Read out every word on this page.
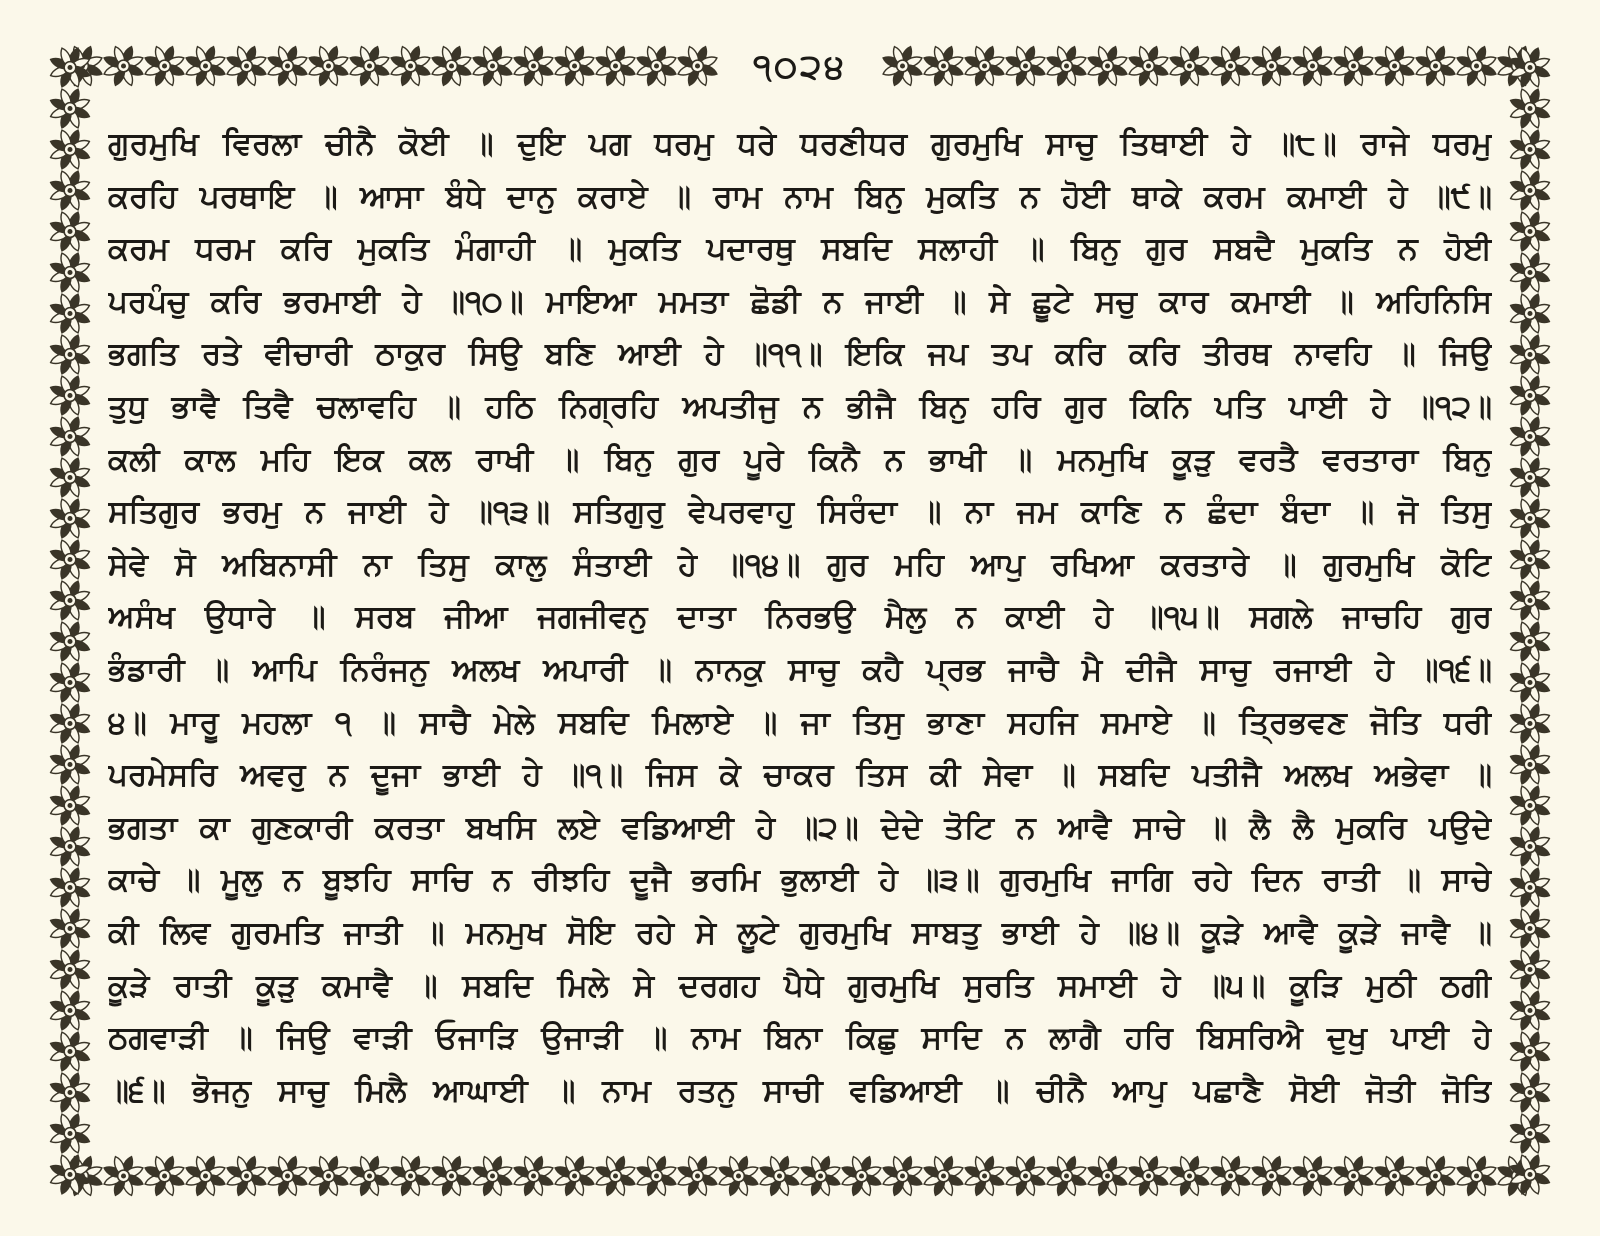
੧੦੨੪
ਗੁਰਮੁਖਿ ਵਿਰਲਾ ਚੀਨੈ ਕੋਈ ॥ ਦੁਇ ਪਗ ਧਰਮੁ ਧਰੇ ਧਰਣੀਧਰ ਗੁਰਮੁਖਿ ਸਾਚੁ ਤਿਥਾਈ ਹੇ ॥੮॥ ਰਾਜੇ ਧਰਮੁ
ਕਰਹਿ ਪਰਥਾਇ ॥ ਆਸਾ ਬੰਧੇ ਦਾਨੁ ਕਰਾਏ ॥ ਰਾਮ ਨਾਮ ਬਿਨੁ ਮੁਕਤਿ ਨ ਹੋਈ ਥਾਕੇ ਕਰਮ ਕਮਾਈ ਹੇ ॥੯॥
ਕਰਮ ਧਰਮ ਕਰਿ ਮੁਕਤਿ ਮੰਗਾਹੀ ॥ ਮੁਕਤਿ ਪਦਾਰਥੁ ਸਬਦਿ ਸਲਾਹੀ ॥ ਬਿਨੁ ਗੁਰ ਸਬਦੈ ਮੁਕਤਿ ਨ ਹੋਈ
ਪਰਪੰਚੁ ਕਰਿ ਭਰਮਾਈ ਹੇ ॥੧੦॥ ਮਾਇਆ ਮਮਤਾ ਛੋਡੀ ਨ ਜਾਈ ॥ ਸੇ ਛੂਟੇ ਸਚੁ ਕਾਰ ਕਮਾਈ ॥ ਅਹਿਨਿਸਿ
ਭਗਤਿ ਰਤੇ ਵੀਚਾਰੀ ਠਾਕੁਰ ਸਿਉ ਬਣਿ ਆਈ ਹੇ ॥੧੧॥ ਇਕਿ ਜਪ ਤਪ ਕਰਿ ਕਰਿ ਤੀਰਥ ਨਾਵਹਿ ॥ ਜਿਉ
ਤੁਧੁ ਭਾਵੈ ਤਿਵੈ ਚਲਾਵਹਿ ॥ ਹਠਿ ਨਿਗ੍ਰਹਿ ਅਪਤੀਜੁ ਨ ਭੀਜੈ ਬਿਨੁ ਹਰਿ ਗੁਰ ਕਿਨਿ ਪਤਿ ਪਾਈ ਹੇ ॥੧੨॥
ਕਲੀ ਕਾਲ ਮਹਿ ਇਕ ਕਲ ਰਾਖੀ ॥ ਬਿਨੁ ਗੁਰ ਪੂਰੇ ਕਿਨੈ ਨ ਭਾਖੀ ॥ ਮਨਮੁਖਿ ਕੂੜੁ ਵਰਤੈ ਵਰਤਾਰਾ ਬਿਨੁ
ਸਤਿਗੁਰ ਭਰਮੁ ਨ ਜਾਈ ਹੇ ॥੧੩॥ ਸਤਿਗੁਰੁ ਵੇਪਰਵਾਹੁ ਸਿਰੰਦਾ ॥ ਨਾ ਜਮ ਕਾਣਿ ਨ ਛੰਦਾ ਬੰਦਾ ॥ ਜੋ ਤਿਸੁ
ਸੇਵੇ ਸੋ ਅਬਿਨਾਸੀ ਨਾ ਤਿਸੁ ਕਾਲੁ ਸੰਤਾਈ ਹੇ ॥੧੪॥ ਗੁਰ ਮਹਿ ਆਪੁ ਰਖਿਆ ਕਰਤਾਰੇ ॥ ਗੁਰਮੁਖਿ ਕੋਟਿ
ਅਸੰਖ ਉਧਾਰੇ ॥ ਸਰਬ ਜੀਆ ਜਗਜੀਵਨੁ ਦਾਤਾ ਨਿਰਭਉ ਮੈਲੁ ਨ ਕਾਈ ਹੇ ॥੧੫॥ ਸਗਲੇ ਜਾਚਹਿ ਗੁਰ
ਭੰਡਾਰੀ ॥ ਆਪਿ ਨਿਰੰਜਨੁ ਅਲਖ ਅਪਾਰੀ ॥ ਨਾਨਕੁ ਸਾਚੁ ਕਹੈ ਪ੍ਰਭ ਜਾਚੈ ਮੈ ਦੀਜੈ ਸਾਚੁ ਰਜਾਈ ਹੇ ॥੧੬॥
੪॥ ਮਾਰੂ ਮਹਲਾ ੧ ॥ ਸਾਚੈ ਮੇਲੇ ਸਬਦਿ ਮਿਲਾਏ ॥ ਜਾ ਤਿਸੁ ਭਾਣਾ ਸਹਜਿ ਸਮਾਏ ॥ ਤ੍ਰਿਭਵਣ ਜੋਤਿ ਧਰੀ
ਪਰਮੇਸਰਿ ਅਵਰੁ ਨ ਦੂਜਾ ਭਾਈ ਹੇ ॥੧॥ ਜਿਸ ਕੇ ਚਾਕਰ ਤਿਸ ਕੀ ਸੇਵਾ ॥ ਸਬਦਿ ਪਤੀਜੈ ਅਲਖ ਅਭੇਵਾ ॥
ਭਗਤਾ ਕਾ ਗੁਣਕਾਰੀ ਕਰਤਾ ਬਖਸਿ ਲਏ ਵਡਿਆਈ ਹੇ ॥੨॥ ਦੇਦੇ ਤੋਟਿ ਨ ਆਵੈ ਸਾਚੇ ॥ ਲੈ ਲੈ ਮੁਕਰਿ ਪਉਦੇ
ਕਾਚੇ ॥ ਮੂਲੁ ਨ ਬੂਝਹਿ ਸਾਚਿ ਨ ਰੀਝਹਿ ਦੂਜੈ ਭਰਮਿ ਭੁਲਾਈ ਹੇ ॥੩॥ ਗੁਰਮੁਖਿ ਜਾਗਿ ਰਹੇ ਦਿਨ ਰਾਤੀ ॥ ਸਾਚੇ
ਕੀ ਲਿਵ ਗੁਰਮਤਿ ਜਾਤੀ ॥ ਮਨਮੁਖ ਸੋਇ ਰਹੇ ਸੇ ਲੂਟੇ ਗੁਰਮੁਖਿ ਸਾਬਤੁ ਭਾਈ ਹੇ ॥੪॥ ਕੂੜੇ ਆਵੈ ਕੂੜੇ ਜਾਵੈ ॥
ਕੂੜੇ ਰਾਤੀ ਕੂੜੁ ਕਮਾਵੈ ॥ ਸਬਦਿ ਮਿਲੇ ਸੇ ਦਰਗਹ ਪੈਧੇ ਗੁਰਮੁਖਿ ਸੁਰਤਿ ਸਮਾਈ ਹੇ ॥੫॥ ਕੂੜਿ ਮੁਠੀ ਠਗੀ
ਠਗਵਾੜੀ ॥ ਜਿਉ ਵਾੜੀ ਓਜਾੜਿ ਉਜਾੜੀ ॥ ਨਾਮ ਬਿਨਾ ਕਿਛੁ ਸਾਦਿ ਨ ਲਾਗੈ ਹਰਿ ਬਿਸਰਿਐ ਦੁਖੁ ਪਾਈ ਹੇ
॥੬॥ ਭੋਜਨੁ ਸਾਚੁ ਮਿਲੈ ਆਘਾਈ ॥ ਨਾਮ ਰਤਨੁ ਸਾਚੀ ਵਡਿਆਈ ॥ ਚੀਨੈ ਆਪੁ ਪਛਾਣੈ ਸੋਈ ਜੋਤੀ ਜੋਤਿ
